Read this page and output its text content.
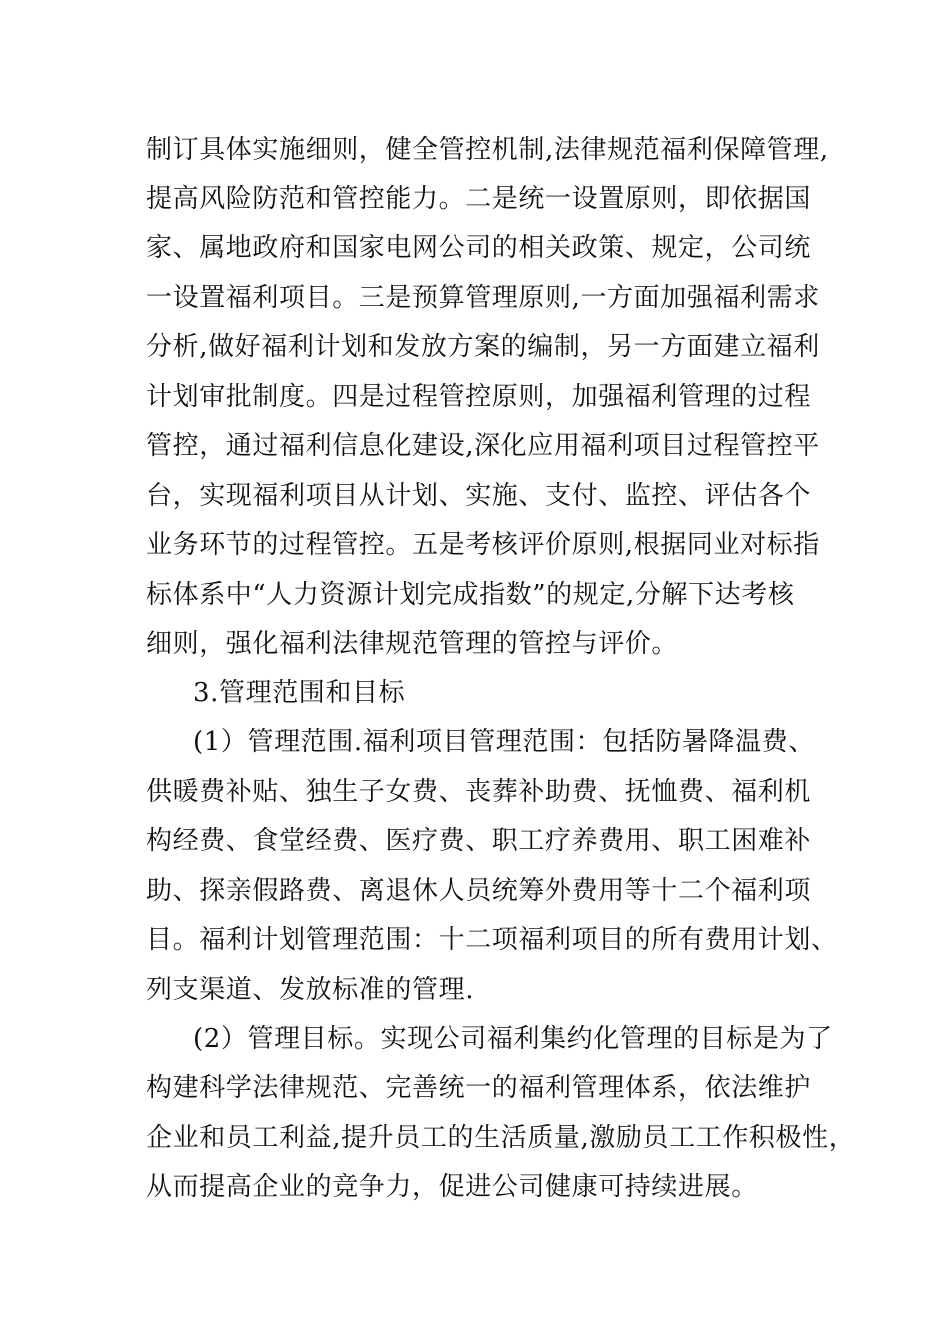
制订具体实施细则，健全管控机制,法律规范福利保障管理,
提高风险防范和管控能力。二是统一设置原则，即依据国
家、属地政府和国家电网公司的相关政策、规定，公司统
一设置福利项目。三是预算管理原则,一方面加强福利需求
分析,做好福利计划和发放方案的编制，另一方面建立福利
计划审批制度。四是过程管控原则，加强福利管理的过程
管控，通过福利信息化建设,深化应用福利项目过程管控平
台，实现福利项目从计划、实施、支付、监控、评估各个
业务环节的过程管控。五是考核评价原则,根据同业对标指
标体系中“人力资源计划完成指数”的规定,分解下达考核
细则，强化福利法律规范管理的管控与评价。
3.管理范围和目标
(1）管理范围.福利项目管理范围：包括防暑降温费、
供暖费补贴、独生子女费、丧葬补助费、抚恤费、福利机
构经费、食堂经费、医疗费、职工疗养费用、职工困难补
助、探亲假路费、离退休人员统筹外费用等十二个福利项
目。福利计划管理范围：十二项福利项目的所有费用计划、
列支渠道、发放标准的管理.
(2）管理目标。实现公司福利集约化管理的目标是为了
构建科学法律规范、完善统一的福利管理体系，依法维护
企业和员工利益,提升员工的生活质量,激励员工工作积极性，
从而提高企业的竞争力，促进公司健康可持续进展。
